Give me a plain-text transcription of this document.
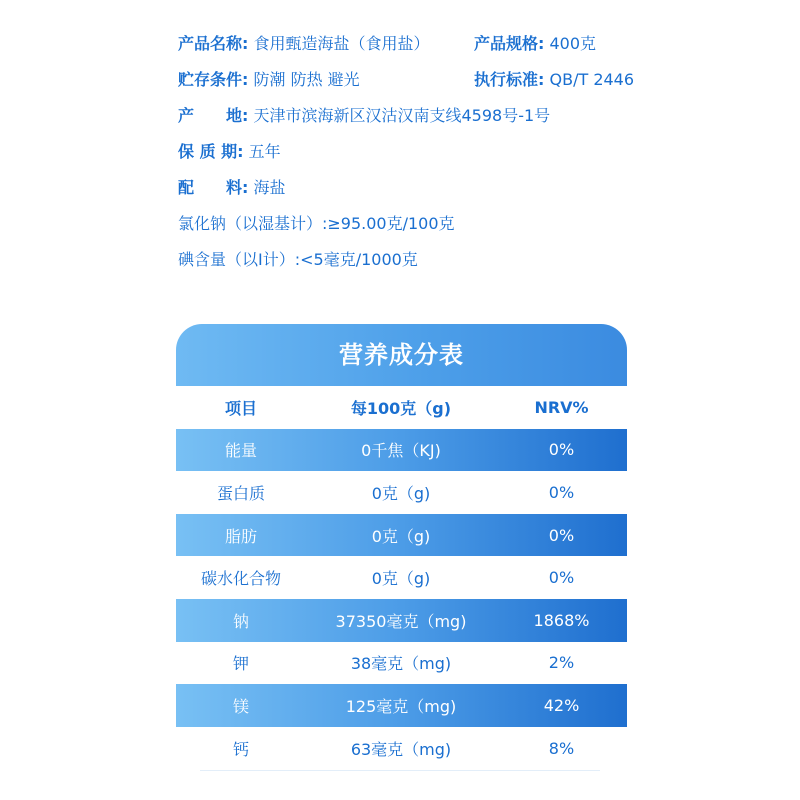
产品名称: 食用甄造海盐（食用盐）	产品规格: 400克
贮存条件: 防潮 防热 避光	执行标准: QB/T 2446
产　　地: 天津市滨海新区汉沽汉南支线4598号-1号
保 质 期: 五年
配　　料: 海盐
氯化钠（以湿基计）:≥95.00克/100克
碘含量（以I计）:<5毫克/1000克
营养成分表
项目	每100克（g)	NRV%
能量	0千焦（KJ)	0%
蛋白质	0克（g)	0%
脂肪	0克（g)	0%
碳水化合物	0克（g)	0%
钠	37350毫克（mg)	1868%
钾	38毫克（mg)	2%
镁	125毫克（mg)	42%
钙	63毫克（mg)	8%
